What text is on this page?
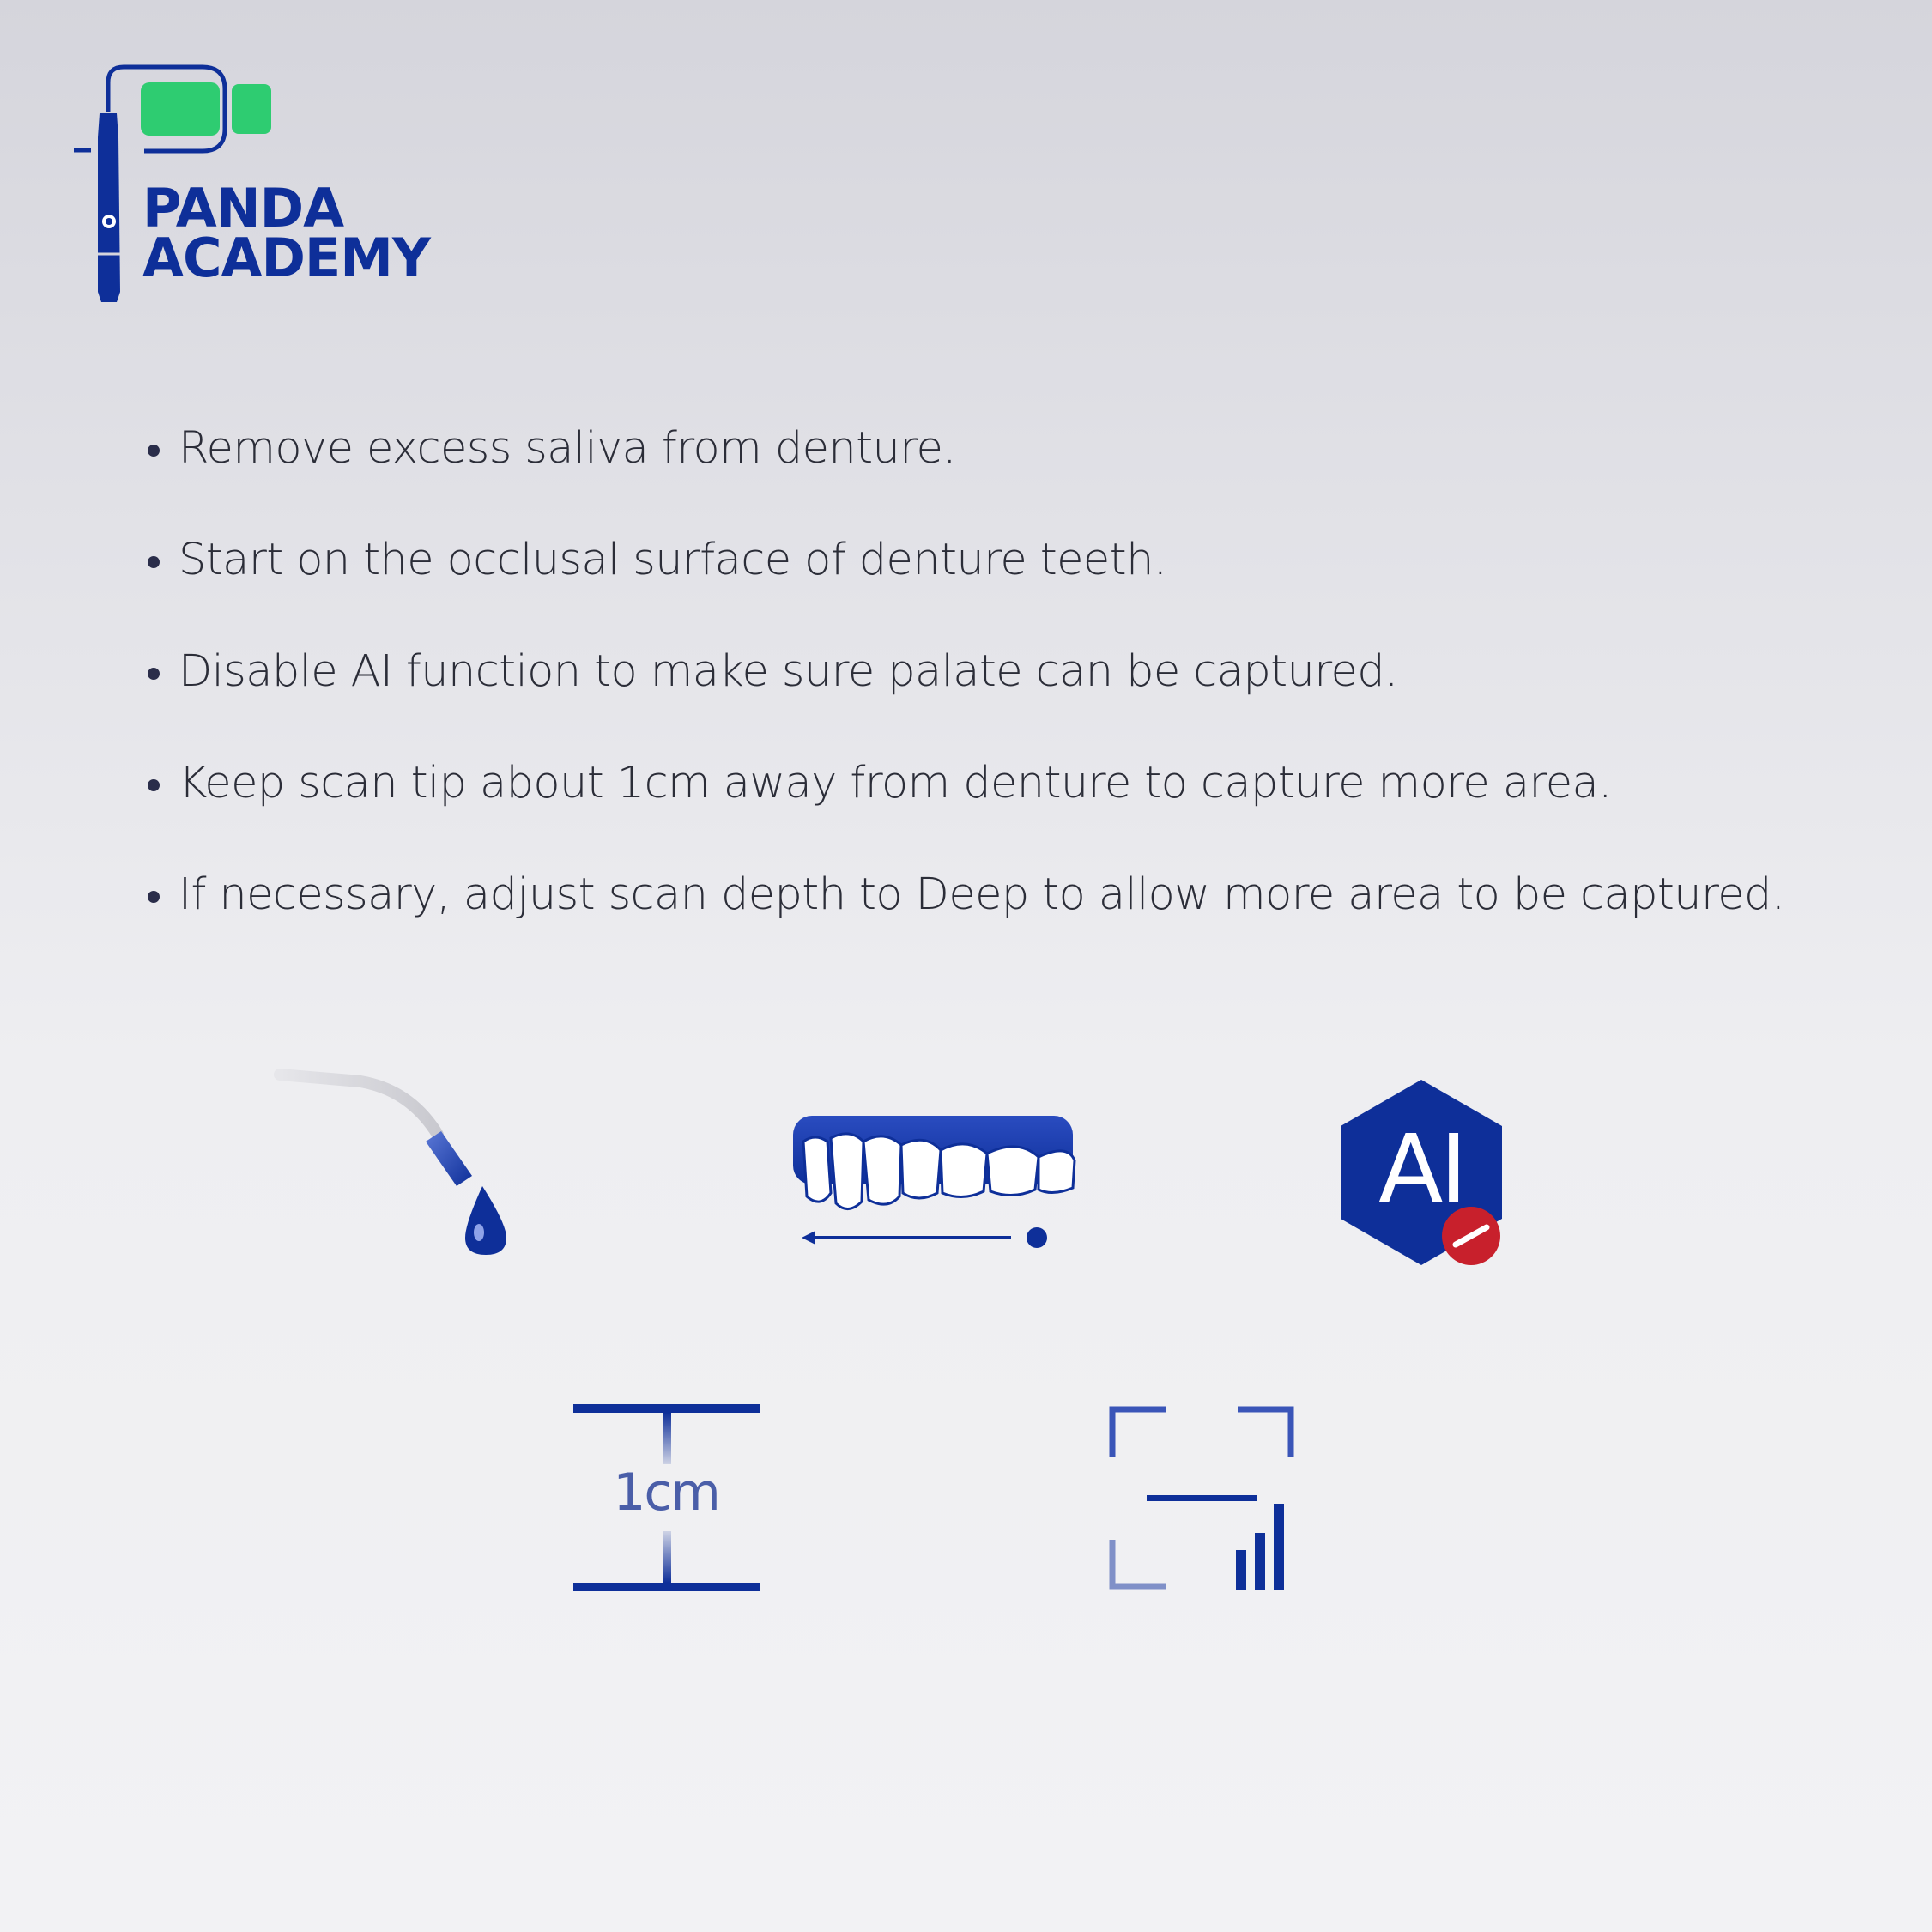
PANDA
ACADEMY
Remove excess saliva from denture.
Start on the occlusal surface of denture teeth.
Disable AI function to make sure palate can be captured.
Keep scan tip about 1cm away from denture to capture more area.
If necessary, adjust scan depth to Deep to allow more area to be captured.
AI
1cm
